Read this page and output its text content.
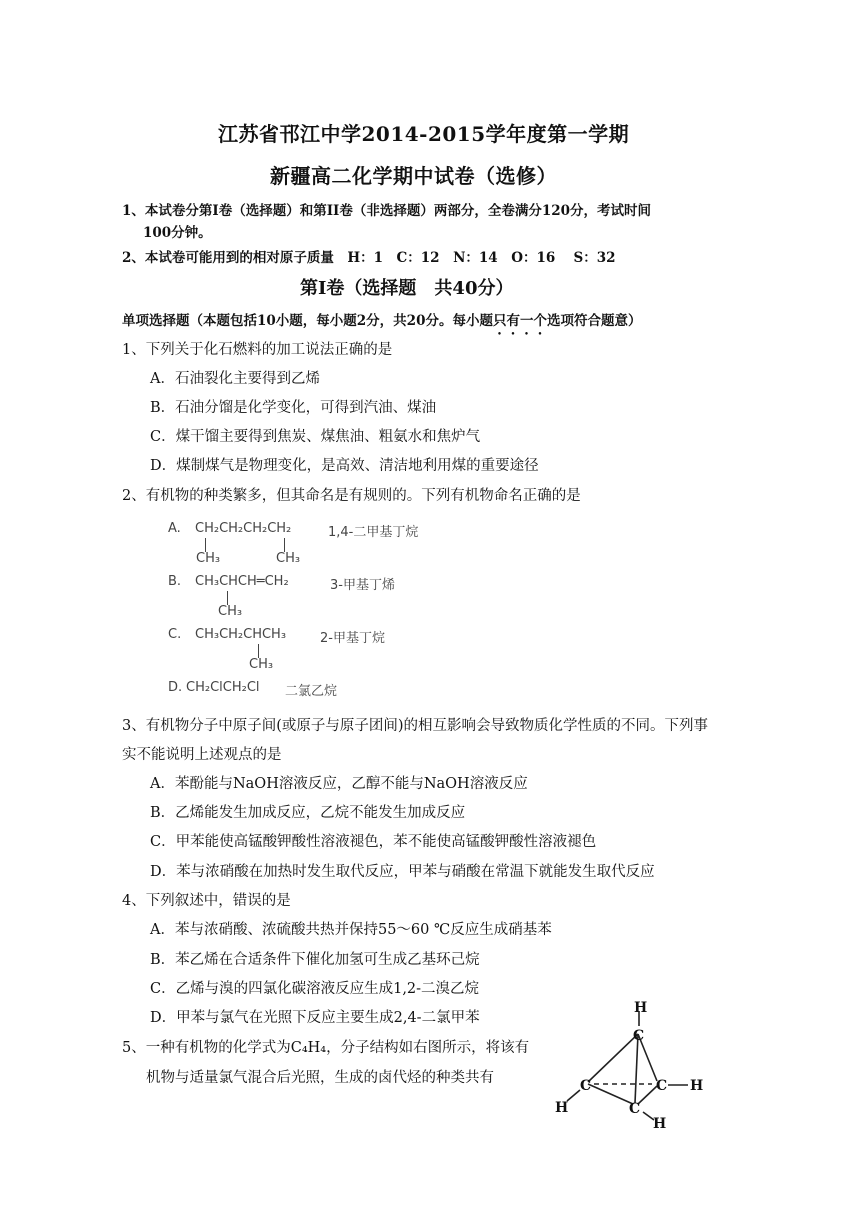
江苏省邗江中学2014-2015学年度第一学期
新疆高二化学期中试卷（选修）
1、本试卷分第I卷（选择题）和第II卷（非选择题）两部分，全卷满分120分，考试时间
100分钟。
2、本试卷可能用到的相对原子质量　H：1　C：12　N：14　O：16　 S：32
第I卷（选择题　共40分）
单项选择题（本题包括10小题，每小题2分，共20分。每小题只有一个选项符合题意）
1、下列关于化石燃料的加工说法正确的是
A．石油裂化主要得到乙烯
B．石油分馏是化学变化，可得到汽油、煤油
C．煤干馏主要得到焦炭、煤焦油、粗氨水和焦炉气
D．煤制煤气是物理变化，是高效、清洁地利用煤的重要途径
2、有机物的种类繁多，但其命名是有规则的。下列有机物命名正确的是
A. CH₂CH₂CH₂CH₂	1,4-二甲基丁烷
CH₃	CH₃
B. CH₃CHCH═CH₂	3-甲基丁烯
CH₃
C. CH₃CH₂CHCH₃	2-甲基丁烷
CH₃
D. CH₂ClCH₂Cl 二氯乙烷
3、有机物分子中原子间(或原子与原子团间)的相互影响会导致物质化学性质的不同。下列事
实不能说明上述观点的是
A．苯酚能与NaOH溶液反应，乙醇不能与NaOH溶液反应
B．乙烯能发生加成反应，乙烷不能发生加成反应
C．甲苯能使高锰酸钾酸性溶液褪色，苯不能使高锰酸钾酸性溶液褪色
D．苯与浓硝酸在加热时发生取代反应，甲苯与硝酸在常温下就能发生取代反应
4、下列叙述中，错误的是
A．苯与浓硝酸、浓硫酸共热并保持55～60 ℃反应生成硝基苯
B．苯乙烯在合适条件下催化加氢可生成乙基环己烷
C．乙烯与溴的四氯化碳溶液反应生成1,2-二溴乙烷
D．甲苯与氯气在光照下反应主要生成2,4-二氯甲苯
5、一种有机物的化学式为C₄H₄，分子结构如右图所示，将该有
机物与适量氯气混合后光照，生成的卤代烃的种类共有
H
C
C	C H
C
H
H
